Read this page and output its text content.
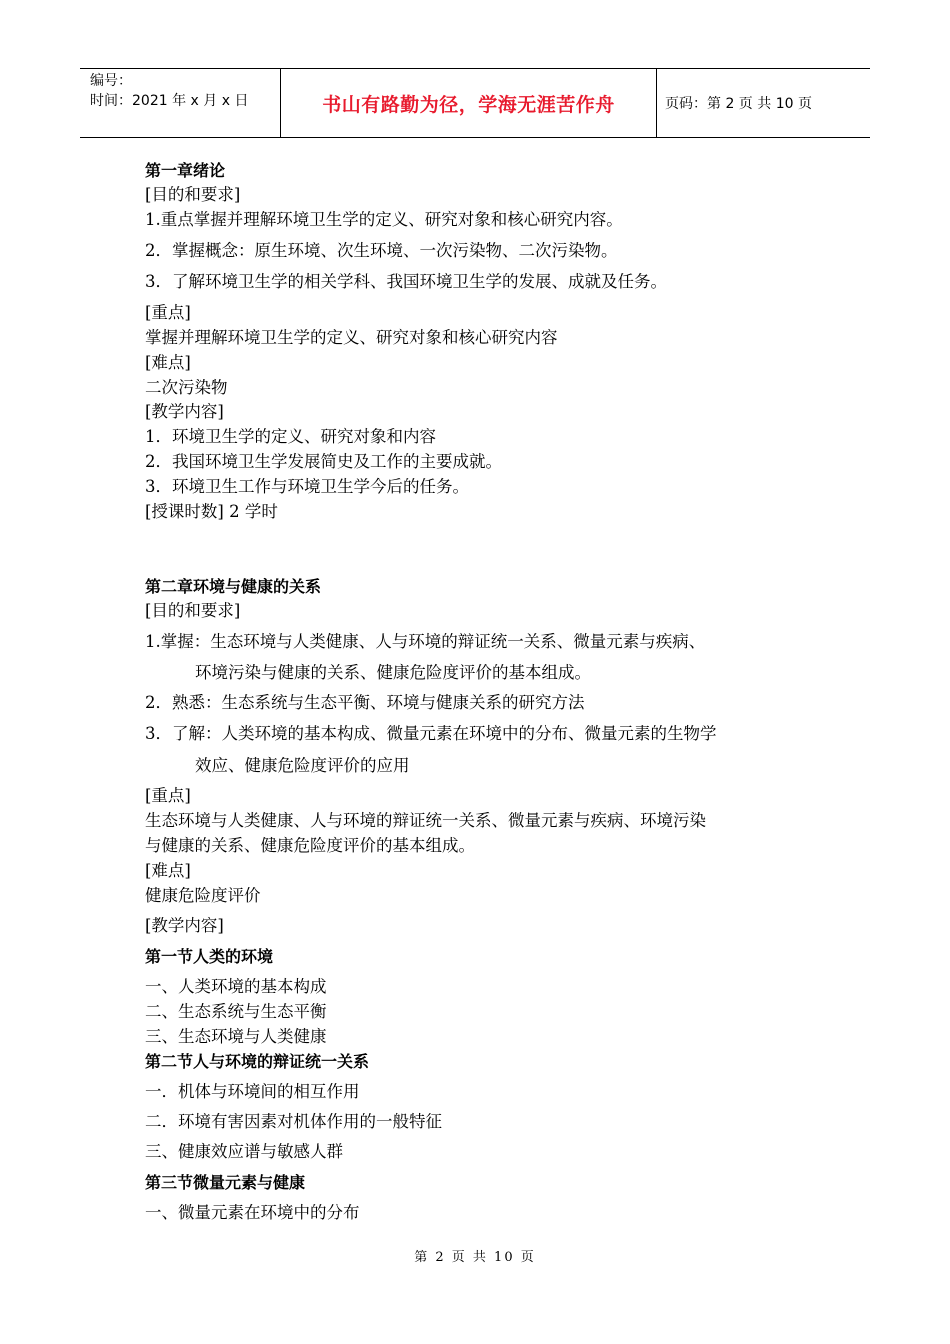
编号：
时间：2021 年 x 月 x 日	书山有路勤为径，学海无涯苦作舟	页码：第 2 页 共 10 页
第一章绪论
[目的和要求]
1.重点掌握并理解环境卫生学的定义、研究对象和核心研究内容。
2．掌握概念：原生环境、次生环境、一次污染物、二次污染物。
3．了解环境卫生学的相关学科、我国环境卫生学的发展、成就及任务。
[重点]
掌握并理解环境卫生学的定义、研究对象和核心研究内容
[难点]
二次污染物
[教学内容]
1．环境卫生学的定义、研究对象和内容
2．我国环境卫生学发展简史及工作的主要成就。
3．环境卫生工作与环境卫生学今后的任务。
[授课时数] 2 学时
第二章环境与健康的关系
[目的和要求]
1.掌握：生态环境与人类健康、人与环境的辩证统一关系、微量元素与疾病、
环境污染与健康的关系、健康危险度评价的基本组成。
2．熟悉：生态系统与生态平衡、环境与健康关系的研究方法
3．了解：人类环境的基本构成、微量元素在环境中的分布、微量元素的生物学
效应、健康危险度评价的应用
[重点]
生态环境与人类健康、人与环境的辩证统一关系、微量元素与疾病、环境污染
与健康的关系、健康危险度评价的基本组成。
[难点]
健康危险度评价
[教学内容]
第一节人类的环境
一、人类环境的基本构成
二、生态系统与生态平衡
三、生态环境与人类健康
第二节人与环境的辩证统一关系
一．机体与环境间的相互作用
二．环境有害因素对机体作用的一般特征
三、健康效应谱与敏感人群
第三节微量元素与健康
一、微量元素在环境中的分布
第 2 页 共 10 页
